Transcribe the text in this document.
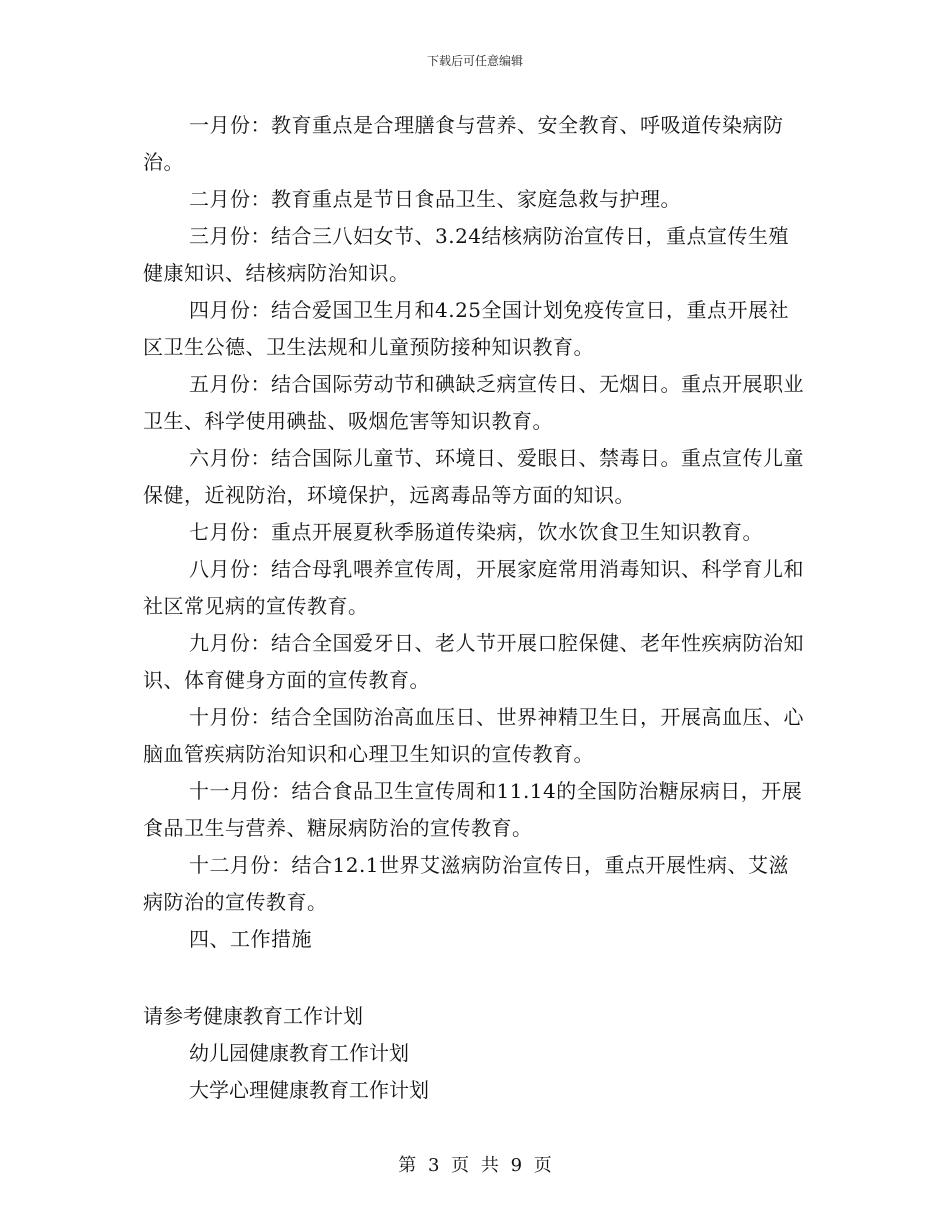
下载后可任意编辑

一月份：教育重点是合理膳食与营养、安全教育、呼吸道传染病防治。

二月份：教育重点是节日食品卫生、家庭急救与护理。

三月份：结合三八妇女节、3.24结核病防治宣传日，重点宣传生殖健康知识、结核病防治知识。

四月份：结合爱国卫生月和4.25全国计划免疫传宣日，重点开展社区卫生公德、卫生法规和儿童预防接种知识教育。

五月份：结合国际劳动节和碘缺乏病宣传日、无烟日。重点开展职业卫生、科学使用碘盐、吸烟危害等知识教育。

六月份：结合国际儿童节、环境日、爱眼日、禁毒日。重点宣传儿童保健，近视防治，环境保护，远离毒品等方面的知识。

七月份：重点开展夏秋季肠道传染病，饮水饮食卫生知识教育。

八月份：结合母乳喂养宣传周，开展家庭常用消毒知识、科学育儿和社区常见病的宣传教育。

九月份：结合全国爱牙日、老人节开展口腔保健、老年性疾病防治知识、体育健身方面的宣传教育。

十月份：结合全国防治高血压日、世界神精卫生日，开展高血压、心脑血管疾病防治知识和心理卫生知识的宣传教育。

十一月份：结合食品卫生宣传周和11.14的全国防治糖尿病日，开展食品卫生与营养、糖尿病防治的宣传教育。

十二月份：结合12.1世界艾滋病防治宣传日，重点开展性病、艾滋病防治的宣传教育。

四、工作措施

请参考健康教育工作计划

幼儿园健康教育工作计划

大学心理健康教育工作计划

第 3 页 共 9 页
